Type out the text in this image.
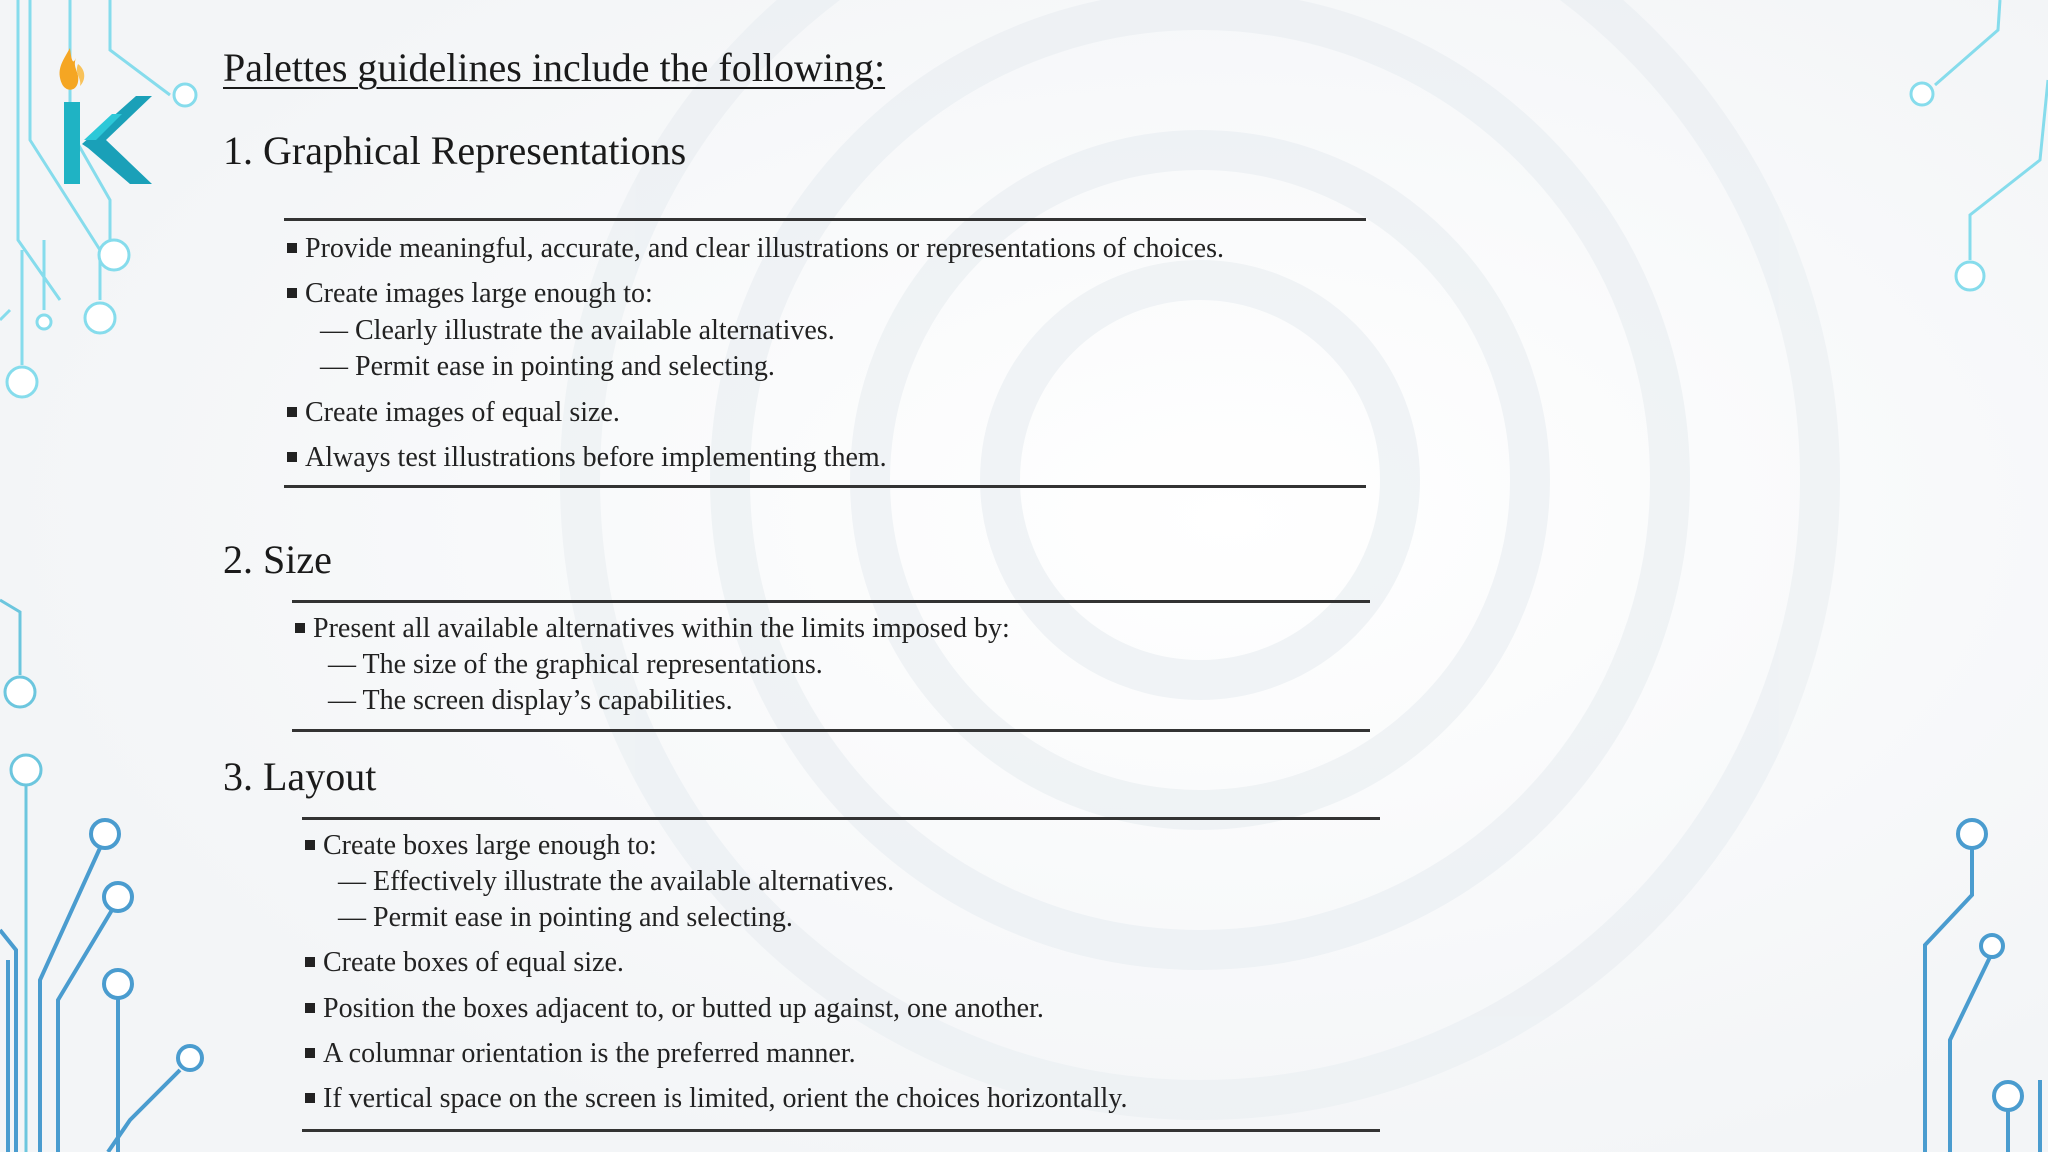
Palettes guidelines include the following:
1. Graphical Representations
Provide meaningful, accurate, and clear illustrations or representations of choices.
Create images large enough to:
— Clearly illustrate the available alternatives.
— Permit ease in pointing and selecting.
Create images of equal size.
Always test illustrations before implementing them.
2. Size
Present all available alternatives within the limits imposed by:
— The size of the graphical representations.
— The screen display’s capabilities.
3. Layout
Create boxes large enough to:
— Effectively illustrate the available alternatives.
— Permit ease in pointing and selecting.
Create boxes of equal size.
Position the boxes adjacent to, or butted up against, one another.
A columnar orientation is the preferred manner.
If vertical space on the screen is limited, orient the choices horizontally.
